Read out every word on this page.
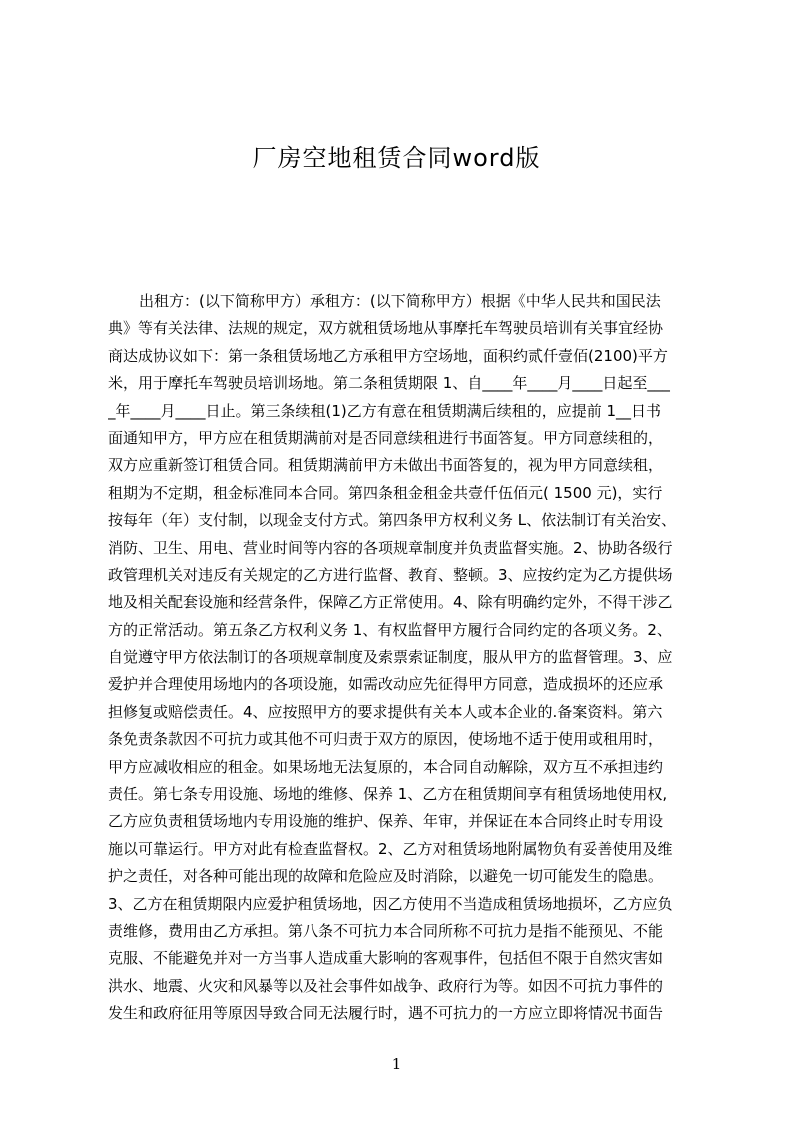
厂房空地租赁合同word版
出租方：(以下简称甲方）承租方：(以下简称甲方）根据《中华人民共和国民法
典》等有关法律、法规的规定，双方就租赁场地从事摩托车驾驶员培训有关事宜经协
商达成协议如下：第一条租赁场地乙方承租甲方空场地，面积约贰仟壹佰(2100)平方
米，用于摩托车驾驶员培训场地。第二条租赁期限 1、自____年____月____日起至___
_年____月____日止。第三条续租(1)乙方有意在租赁期满后续租的，应提前 1__日书
面通知甲方，甲方应在租赁期满前对是否同意续租进行书面答复。甲方同意续租的，
双方应重新签订租赁合同。租赁期满前甲方未做出书面答复的，视为甲方同意续租，
租期为不定期，租金标准同本合同。第四条租金租金共壹仟伍佰元( 1500 元)，实行
按每年（年）支付制，以现金支付方式。第四条甲方权利义务 L、依法制订有关治安、
消防、卫生、用电、营业时间等内容的各项规章制度并负责监督实施。2、协助各级行
政管理机关对违反有关规定的乙方进行监督、教育、整顿。3、应按约定为乙方提供场
地及相关配套设施和经营条件，保障乙方正常使用。4、除有明确约定外，不得干涉乙
方的正常活动。第五条乙方权利义务 1、有权监督甲方履行合同约定的各项义务。2、
自觉遵守甲方依法制订的各项规章制度及索票索证制度，服从甲方的监督管理。3、应
爱护并合理使用场地内的各项设施，如需改动应先征得甲方同意，造成损坏的还应承
担修复或赔偿责任。4、应按照甲方的要求提供有关本人或本企业的.备案资料。第六
条免责条款因不可抗力或其他不可归责于双方的原因，使场地不适于使用或租用时，
甲方应减收相应的租金。如果场地无法复原的，本合同自动解除，双方互不承担违约
责任。第七条专用设施、场地的维修、保养 1、乙方在租赁期间享有租赁场地使用权,
乙方应负责租赁场地内专用设施的维护、保养、年审，并保证在本合同终止时专用设
施以可靠运行。甲方对此有检查监督权。2、乙方对租赁场地附属物负有妥善使用及维
护之责任，对各种可能出现的故障和危险应及时消除，以避免一切可能发生的隐患。
3、乙方在租赁期限内应爱护租赁场地，因乙方使用不当造成租赁场地损坏，乙方应负
责维修，费用由乙方承担。第八条不可抗力本合同所称不可抗力是指不能预见、不能
克服、不能避免并对一方当事人造成重大影响的客观事件，包括但不限于自然灾害如
洪水、地震、火灾和风暴等以及社会事件如战争、政府行为等。如因不可抗力事件的
发生和政府征用等原因导致合同无法履行时，遇不可抗力的一方应立即将情况书面告
1
